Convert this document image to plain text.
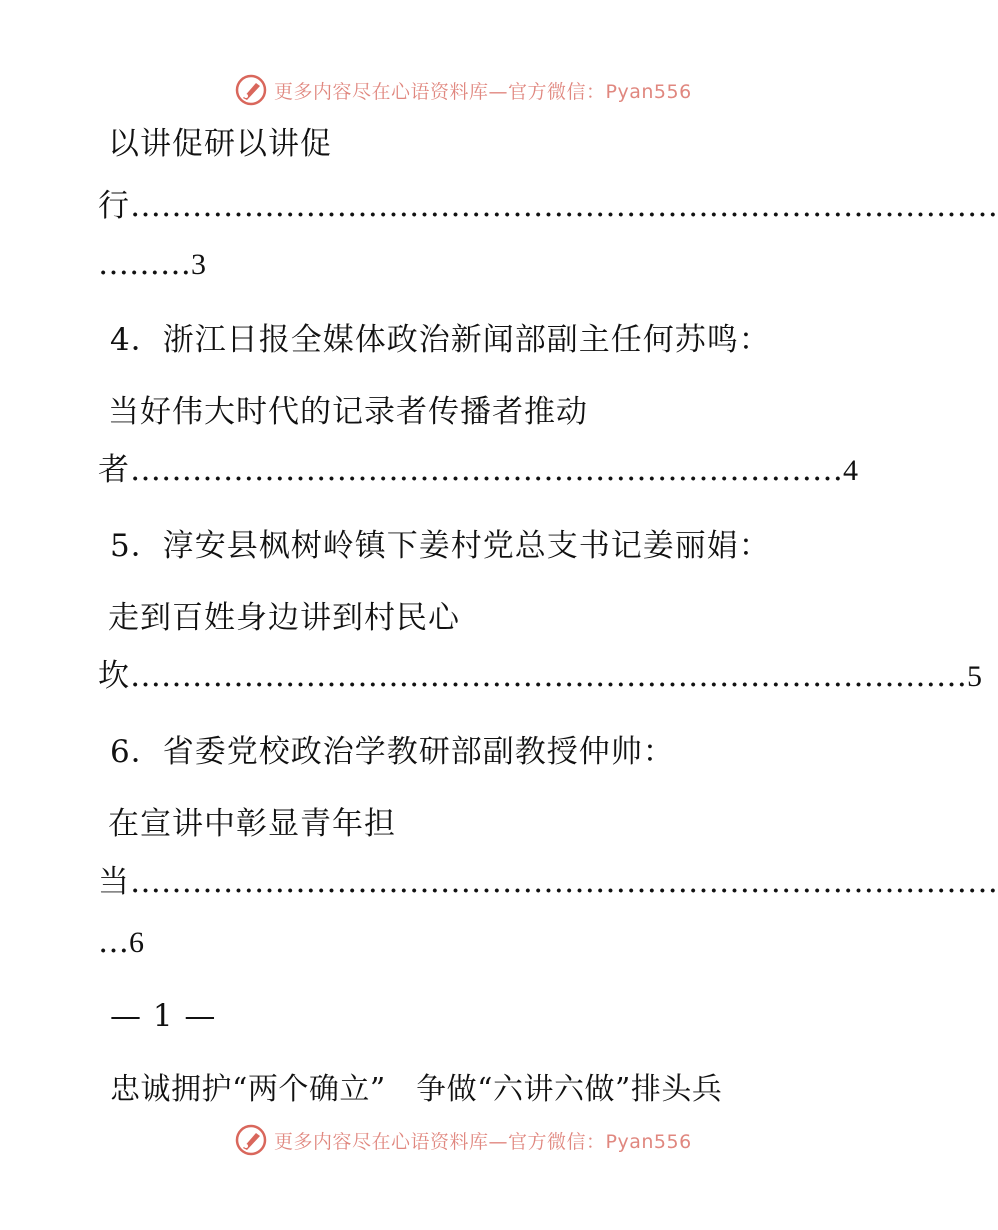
更多内容尽在心语资料库—官方微信：Pyan556
以讲促研以讲促
行…………………………………………………………………………
………3
4．浙江日报全媒体政治新闻部副主任何苏鸣：
当好伟大时代的记录者传播者推动
者……………………………………………………………4
5．淳安县枫树岭镇下姜村党总支书记姜丽娟：
走到百姓身边讲到村民心
坎………………………………………………………………………5
6．省委党校政治学教研部副教授仲帅：
在宣讲中彰显青年担
当…………………………………………………………………………
…6
— 1 —
忠诚拥护“两个确立”　争做“六讲六做”排头兵
更多内容尽在心语资料库—官方微信：Pyan556
